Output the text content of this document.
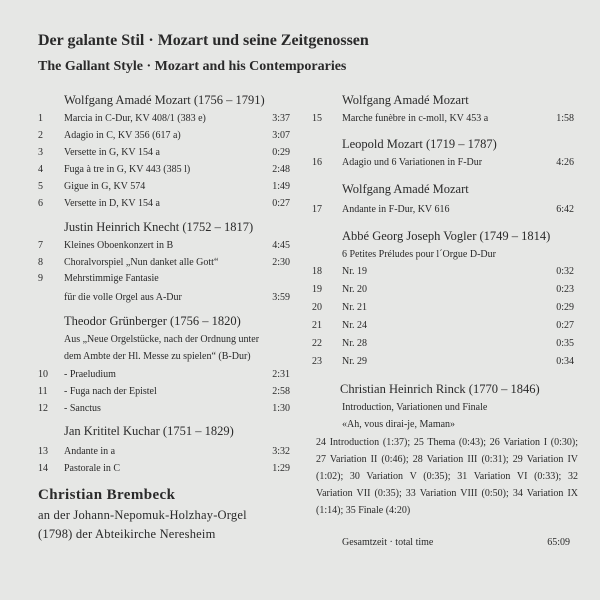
Der galante Stil · Mozart und seine Zeitgenossen
The Gallant Style · Mozart and his Contemporaries
Wolfgang Amadé Mozart (1756 – 1791)
1	Marcia in C-Dur, KV 408/1 (383 e)	3:37
2	Adagio in C, KV 356 (617 a)	3:07
3	Versette in G, KV 154 a	0:29
4	Fuga à tre in G, KV 443 (385 l)	2:48
5	Gigue in G, KV 574	1:49
6	Versette in D, KV 154 a	0:27
Justin Heinrich Knecht (1752 – 1817)
7	Kleines Oboenkonzert in B	4:45
8	Choralvorspiel „Nun danket alle Gott“	2:30
9	Mehrstimmige Fantasie
für die volle Orgel aus A-Dur	3:59
Theodor Grünberger (1756 – 1820)
Aus „Neue Orgelstücke, nach der Ordnung unter
dem Ambte der Hl. Messe zu spielen“ (B-Dur)
10	- Praeludium	2:31
11	- Fuga nach der Epistel	2:58
12	- Sanctus	1:30
Jan Krititel Kuchar (1751 – 1829)
13	Andante in a	3:32
14	Pastorale in C	1:29
Christian Brembeck
an der Johann-Nepomuk-Holzhay-Orgel
(1798) der Abteikirche Neresheim
Wolfgang Amadé Mozart
15	Marche funèbre in c-moll, KV 453 a	1:58
Leopold Mozart (1719 – 1787)
16	Adagio und 6 Variationen in F-Dur	4:26
Wolfgang Amadé Mozart
17	Andante in F-Dur, KV 616	6:42
Abbé Georg Joseph Vogler (1749 – 1814)
6 Petites Préludes pour l´Orgue D-Dur
18	Nr. 19	0:32
19	Nr. 20	0:23
20	Nr. 21	0:29
21	Nr. 24	0:27
22	Nr. 28	0:35
23	Nr. 29	0:34
Christian Heinrich Rinck (1770 – 1846)
Introduction, Variationen und Finale
«Ah, vous dirai-je, Maman»
24 Introduction (1:37); 25 Thema (0:43); 26 Variation I (0:30); 27 Variation II (0:46); 28 Variation III (0:31); 29 Variation IV (1:02); 30 Variation V (0:35); 31 Variation VI (0:33); 32 Variation VII (0:35); 33 Variation VIII (0:50); 34 Variation IX (1:14); 35 Finale (4:20)
Gesamtzeit · total time	65:09
